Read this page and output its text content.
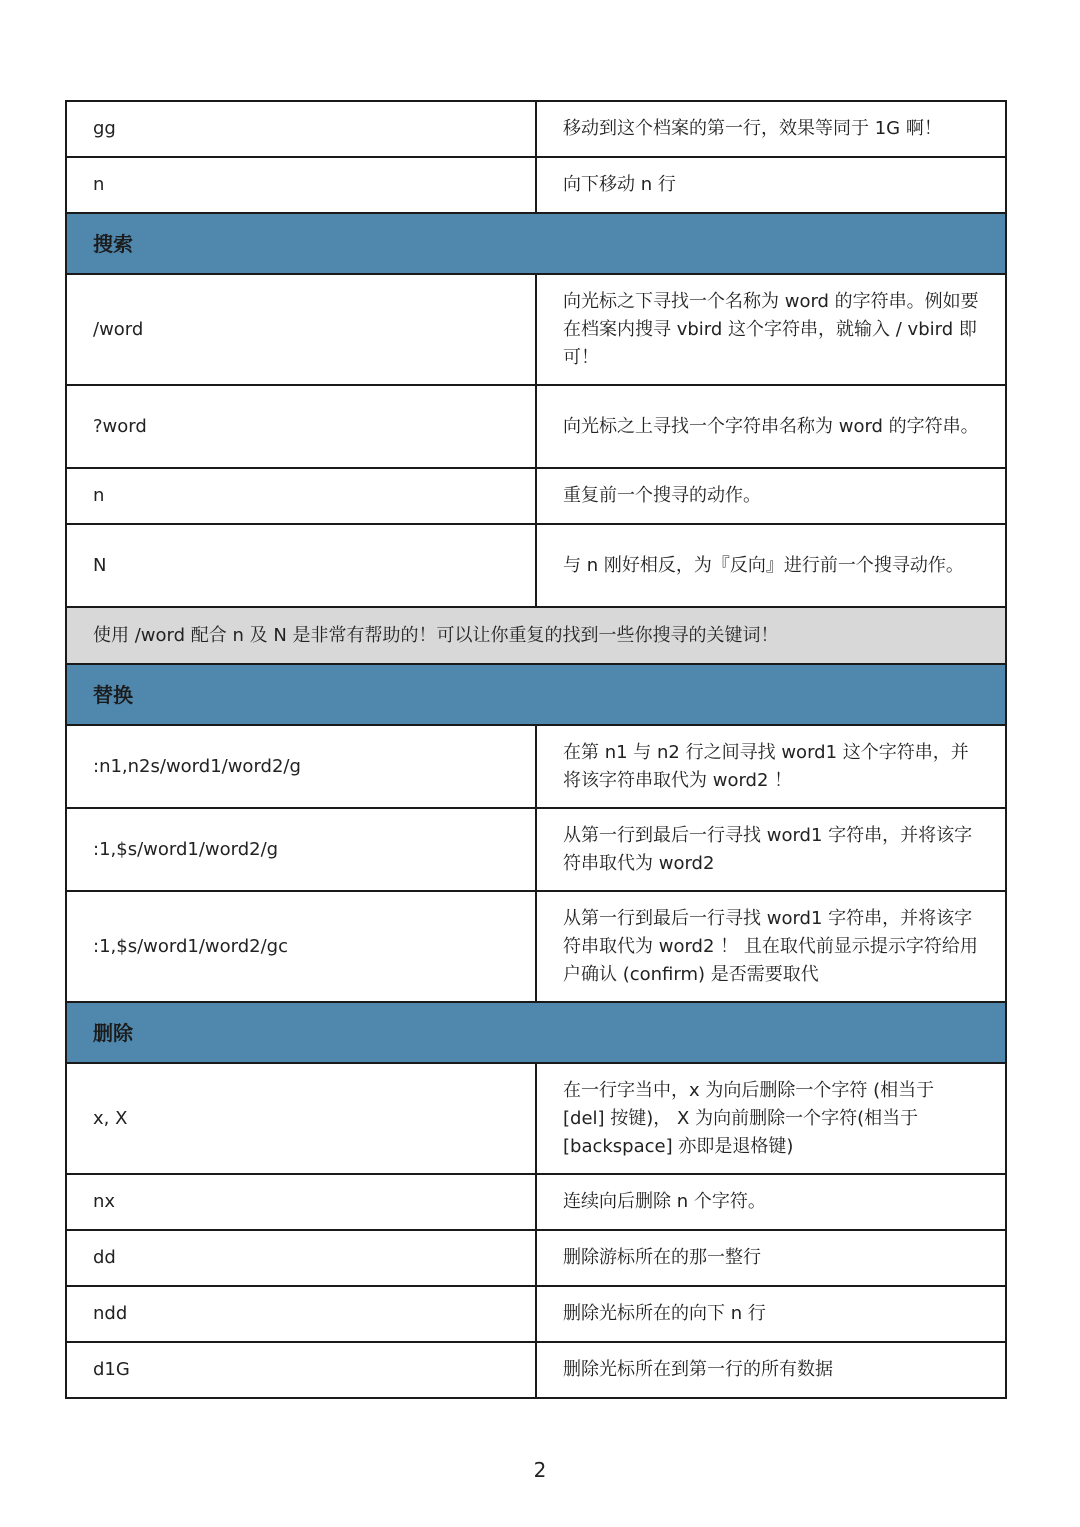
gg	移动到这个档案的第一行，效果等同于 1G 啊！
n	向下移动 n 行
搜索	
/word	向光标之下寻找一个名称为 word 的字符串。例如要在档案内搜寻 vbird 这个字符串，就输入 / vbird 即可！
?word	向光标之上寻找一个字符串名称为 word 的字符串。
n	重复前一个搜寻的动作。
N	与 n 刚好相反，为『反向』进行前一个搜寻动作。
使用 /word 配合 n 及 N 是非常有帮助的！可以让你重复的找到一些你搜寻的关键词！	
替换	
:n1,n2s/word1/word2/g	在第 n1 与 n2 行之间寻找 word1 这个字符串，并将该字符串取代为 word2 ！
:1,$s/word1/word2/g	从第一行到最后一行寻找 word1 字符串，并将该字符串取代为 word2
:1,$s/word1/word2/gc	从第一行到最后一行寻找 word1 字符串，并将该字符串取代为 word2 ！ 且在取代前显示提示字符给用户确认 (confirm) 是否需要取代
删除	
x, X	在一行字当中，x 为向后删除一个字符 (相当于 [del] 按键)， X 为向前删除一个字符(相当于 [backspace] 亦即是退格键)
nx	连续向后删除 n 个字符。
dd	删除游标所在的那一整行
ndd	删除光标所在的向下 n 行
d1G	删除光标所在到第一行的所有数据
2
